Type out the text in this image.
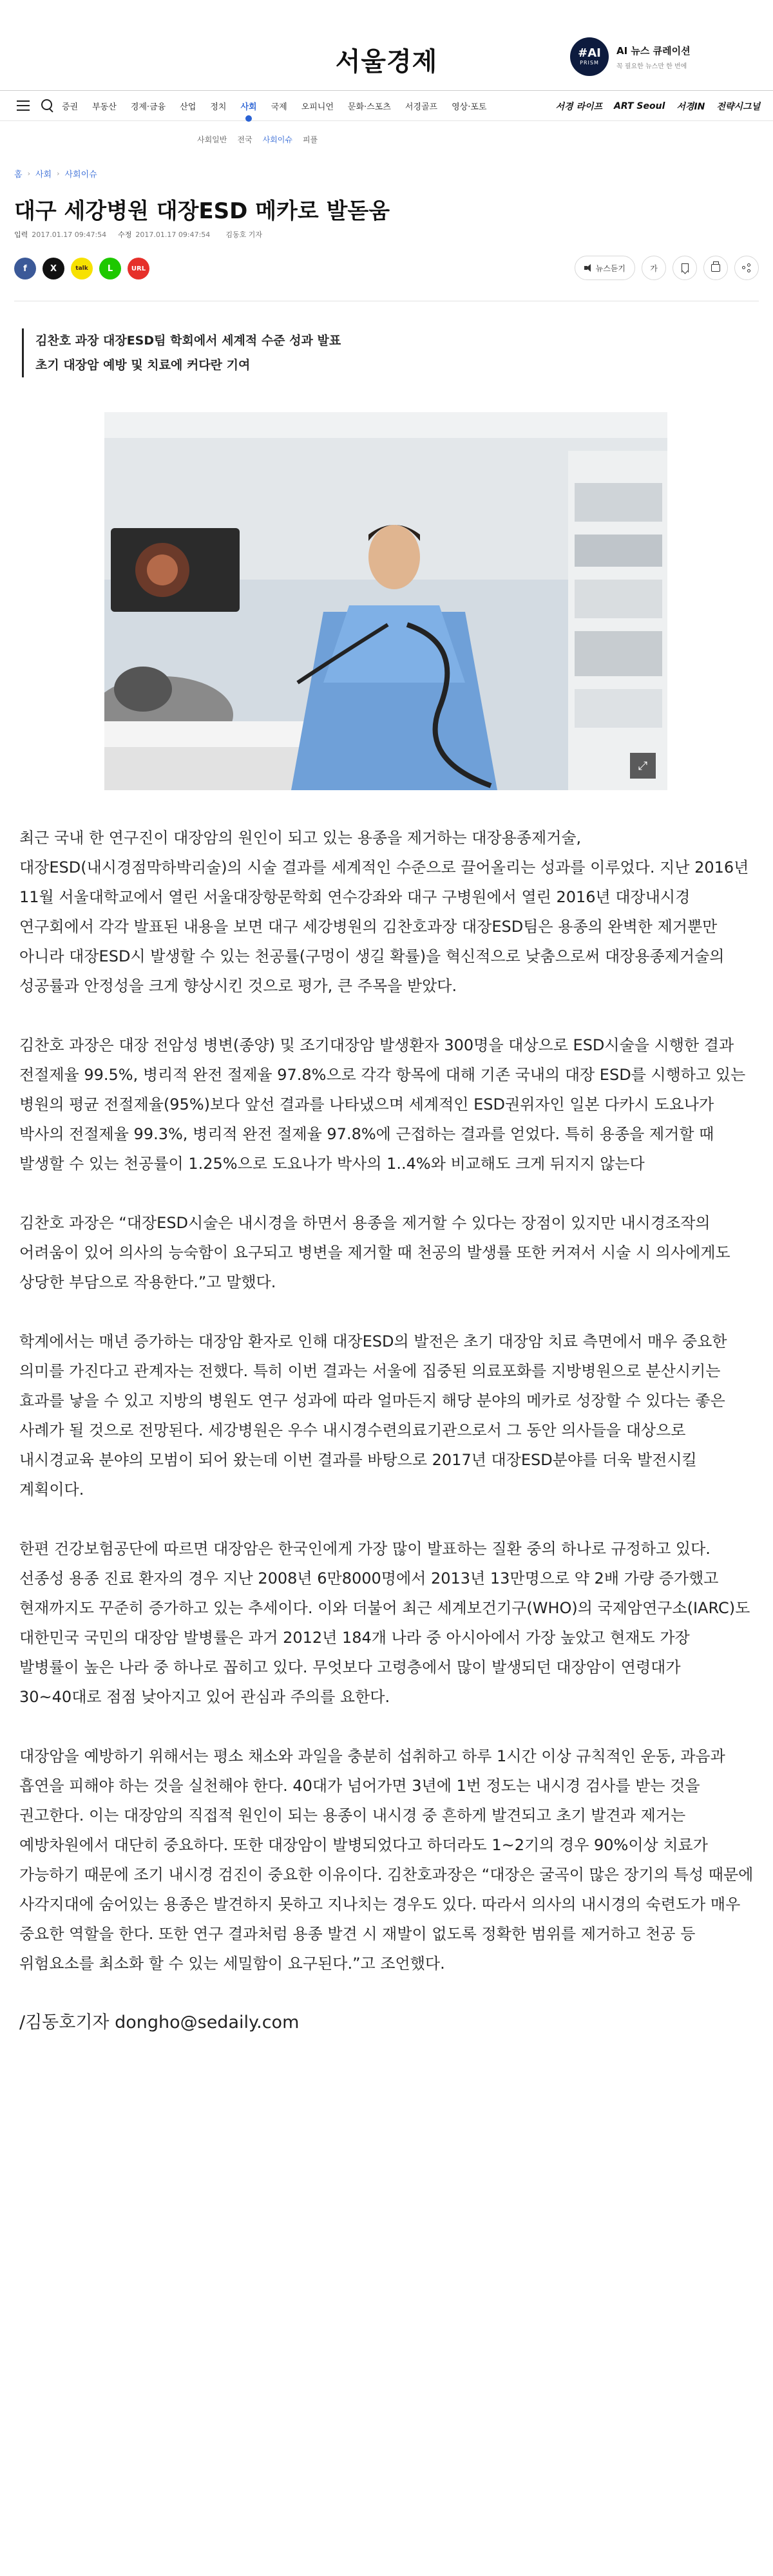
서울경제	#AI
PRISM
AI 뉴스 큐레이션
꼭 필요한 뉴스만 한 번에
증권 부동산 경제·금융 산업 정치 사회 국제 오피니언 문화·스포츠 서경골프 영상·포토	서경 라이프 ART Seoul 서경IN 전략시그널
사회일반 전국 사회이슈 피플
홈 › 사회 › 사회이슈
대구 세강병원 대장ESD 메카로 발돋움
입력 2017.01.17 09:47:54 수정 2017.01.17 09:47:54 김동호 기자
f	X	talk	L	URL	뉴스듣기	가
김찬호 과장 대장ESD팀 학회에서 세계적 수준 성과 발표
초기 대장암 예방 및 치료에 커다란 기여
⤢

최근 국내 한 연구진이 대장암의 원인이 되고 있는 용종을 제거하는 대장용종제거술, 대장ESD(내시경점막하박리술)의 시술 결과를 세계적인 수준으로 끌어올리는 성과를 이루었다. 지난 2016년 11월 서울대학교에서 열린 서울대장항문학회 연수강좌와 대구 구병원에서 열린 2016년 대장내시경 연구회에서 각각 발표된 내용을 보면 대구 세강병원의 김찬호과장 대장ESD팀은 용종의 완벽한 제거뿐만 아니라 대장ESD시 발생할 수 있는 천공률(구멍이 생길 확률)을 혁신적으로 낮춤으로써 대장용종제거술의 성공률과 안정성을 크게 향상시킨 것으로 평가, 큰 주목을 받았다.

김찬호 과장은 대장 전암성 병변(종양) 및 조기대장암 발생환자 300명을 대상으로 ESD시술을 시행한 결과 전절제율 99.5%, 병리적 완전 절제율 97.8%으로 각각 항목에 대해 기존 국내의 대장 ESD를 시행하고 있는 병원의 평균 전절제율(95%)보다 앞선 결과를 나타냈으며 세계적인 ESD권위자인 일본 다카시 도요나가 박사의 전절제율 99.3%, 병리적 완전 절제율 97.8%에 근접하는 결과를 얻었다. 특히 용종을 제거할 때 발생할 수 있는 천공률이 1.25%으로 도요나가 박사의 1..4%와 비교해도 크게 뒤지지 않는다

김찬호 과장은 “대장ESD시술은 내시경을 하면서 용종을 제거할 수 있다는 장점이 있지만 내시경조작의 어려움이 있어 의사의 능숙함이 요구되고 병변을 제거할 때 천공의 발생률 또한 커져서 시술 시 의사에게도 상당한 부담으로 작용한다.”고 말했다.

학계에서는 매년 증가하는 대장암 환자로 인해 대장ESD의 발전은 초기 대장암 치료 측면에서 매우 중요한 의미를 가진다고 관계자는 전했다. 특히 이번 결과는 서울에 집중된 의료포화를 지방병원으로 분산시키는 효과를 낳을 수 있고 지방의 병원도 연구 성과에 따라 얼마든지 해당 분야의 메카로 성장할 수 있다는 좋은 사례가 될 것으로 전망된다. 세강병원은 우수 내시경수련의료기관으로서 그 동안 의사들을 대상으로 내시경교육 분야의 모범이 되어 왔는데 이번 결과를 바탕으로 2017년 대장ESD분야를 더욱 발전시킬 계획이다.

한편 건강보험공단에 따르면 대장암은 한국인에게 가장 많이 발표하는 질환 중의 하나로 규정하고 있다. 선종성 용종 진료 환자의 경우 지난 2008년 6만8000명에서 2013년 13만명으로 약 2배 가량 증가했고 현재까지도 꾸준히 증가하고 있는 추세이다. 이와 더불어 최근 세계보건기구(WHO)의 국제암연구소(IARC)도 대한민국 국민의 대장암 발병률은 과거 2012년 184개 나라 중 아시아에서 가장 높았고 현재도 가장 발병률이 높은 나라 중 하나로 꼽히고 있다. 무엇보다 고령층에서 많이 발생되던 대장암이 연령대가 30~40대로 점점 낮아지고 있어 관심과 주의를 요한다.

대장암을 예방하기 위해서는 평소 채소와 과일을 충분히 섭취하고 하루 1시간 이상 규칙적인 운동, 과음과 흡연을 피해야 하는 것을 실천해야 한다. 40대가 넘어가면 3년에 1번 정도는 내시경 검사를 받는 것을 권고한다. 이는 대장암의 직접적 원인이 되는 용종이 내시경 중 흔하게 발견되고 초기 발견과 제거는 예방차원에서 대단히 중요하다. 또한 대장암이 발병되었다고 하더라도 1~2기의 경우 90%이상 치료가 가능하기 때문에 조기 내시경 검진이 중요한 이유이다. 김찬호과장은 “대장은 굴곡이 많은 장기의 특성 때문에 사각지대에 숨어있는 용종은 발견하지 못하고 지나치는 경우도 있다. 따라서 의사의 내시경의 숙련도가 매우 중요한 역할을 한다. 또한 연구 결과처럼 용종 발견 시 재발이 없도록 정확한 범위를 제거하고 천공 등 위험요소를 최소화 할 수 있는 세밀함이 요구된다.”고 조언했다.

/김동호기자 dongho@sedaily.com
